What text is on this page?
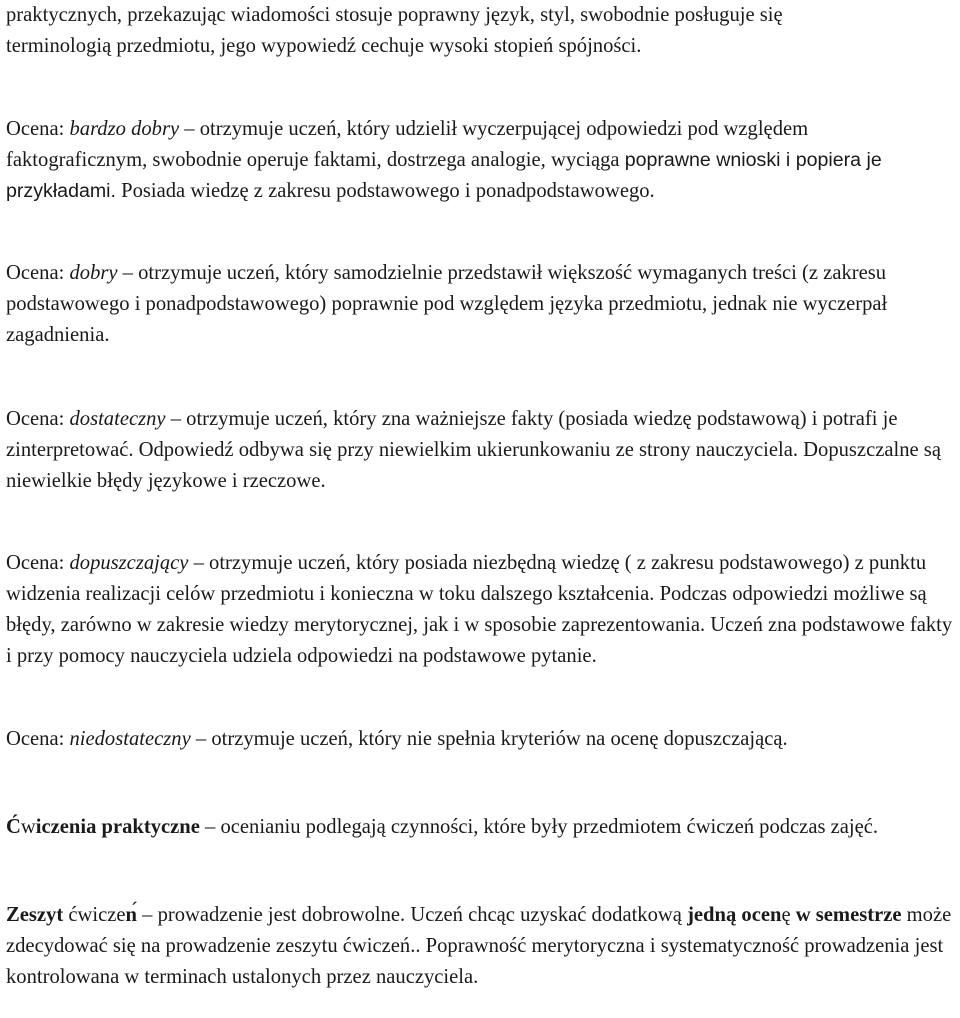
praktycznych, przekazując wiadomości stosuje poprawny język, styl, swobodnie posługuje się
terminologią przedmiotu, jego wypowiedź cechuje wysoki stopień spójności.

Ocena: bardzo dobry – otrzymuje uczeń, który udzielił wyczerpującej odpowiedzi pod względem faktograficznym, swobodnie operuje faktami, dostrzega analogie, wyciąga poprawne wnioski i popiera je przykładami. Posiada wiedzę z zakresu podstawowego i ponadpodstawowego.

Ocena: dobry – otrzymuje uczeń, który samodzielnie przedstawił większość wymaganych treści (z zakresu podstawowego i ponadpodstawowego) poprawnie pod względem języka przedmiotu, jednak nie wyczerpał zagadnienia.

Ocena: dostateczny – otrzymuje uczeń, który zna ważniejsze fakty (posiada wiedzę podstawową) i potrafi je zinterpretować. Odpowiedź odbywa się przy niewielkim ukierunkowaniu ze strony nauczyciela. Dopuszczalne są niewielkie błędy językowe i rzeczowe.

Ocena: dopuszczający – otrzymuje uczeń, który posiada niezbędną wiedzę ( z zakresu podstawowego) z punktu widzenia realizacji celów przedmiotu i konieczna w toku dalszego kształcenia. Podczas odpowiedzi możliwe są błędy, zarówno w zakresie wiedzy merytorycznej, jak i w sposobie zaprezentowania. Uczeń zna podstawowe fakty i przy pomocy nauczyciela udziela odpowiedzi na podstawowe pytanie.

Ocena: niedostateczny – otrzymuje uczeń, który nie spełnia kryteriów na ocenę dopuszczającą.

Ćwiczenia praktyczne – ocenianiu podlegają czynności, które były przedmiotem ćwiczeń podczas zajęć.

Zeszyt ćwiczeń – prowadzenie jest dobrowolne. Uczeń chcąc uzyskać dodatkową jedną ocenę w semestrze może zdecydować się na prowadzenie zeszytu ćwiczeń.. Poprawność merytoryczna i systematyczność prowadzenia jest kontrolowana w terminach ustalonych przez nauczyciela.
